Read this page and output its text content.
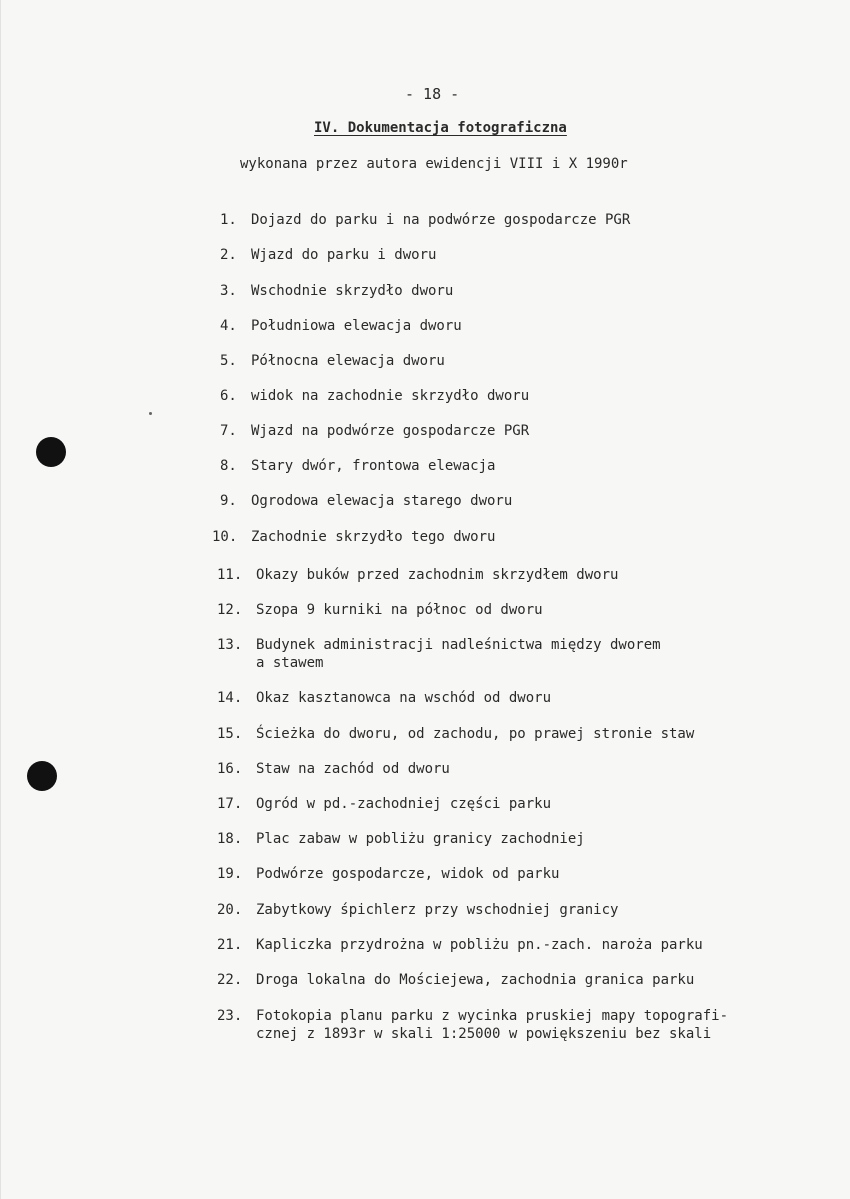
- 18 -
IV. Dokumentacja fotograficzna
wykonana przez autora ewidencji VIII i X 1990r
1. Dojazd do parku i na podwórze gospodarcze PGR
2. Wjazd do parku i dworu
3. Wschodnie skrzydło dworu
4. Południowa elewacja dworu
5. Północna elewacja dworu
6. widok na zachodnie skrzydło dworu
7. Wjazd na podwórze gospodarcze PGR
8. Stary dwór, frontowa elewacja
9. Ogrodowa elewacja starego dworu
10. Zachodnie skrzydło tego dworu
11. Okazy buków przed zachodnim skrzydłem dworu
12. Szopa 9 kurniki na północ od dworu
13. Budynek administracji nadleśnictwa między dworem
a stawem
14. Okaz kasztanowca na wschód od dworu
15. Ścieżka do dworu, od zachodu, po prawej stronie staw
16. Staw na zachód od dworu
17. Ogród w pd.-zachodniej części parku
18. Plac zabaw w pobliżu granicy zachodniej
19. Podwórze gospodarcze, widok od parku
20. Zabytkowy śpichlerz przy wschodniej granicy
21. Kapliczka przydrożna w pobliżu pn.-zach. naroża parku
22. Droga lokalna do Mościejewa, zachodnia granica parku
23. Fotokopia planu parku z wycinka pruskiej mapy topografi-
cznej z 1893r w skali 1:25000 w powiększeniu bez skali
